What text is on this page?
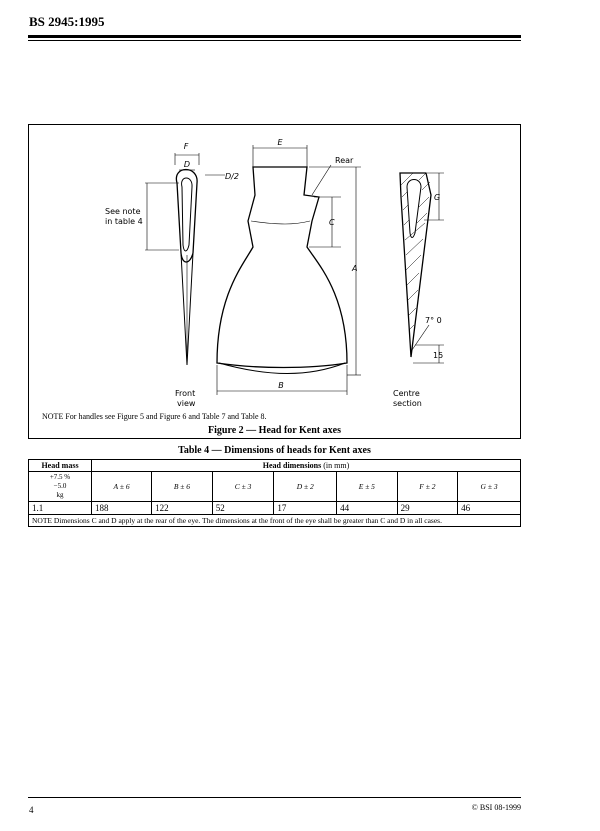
BS 2945:1995
F
D
D/2
See note
in table 4
E
Rear
C
A
B
G
7° 0
15
Front
view
Centre
section
NOTE For handles see Figure 5 and Figure 6 and Table 7 and Table 8.
Figure 2 — Head for Kent axes
Table 4 — Dimensions of heads for Kent axes
Head mass	Head dimensions (in mm)						

+7.5 %
−5.0
kg	A ± 6	B ± 6	C ± 3	D ± 2	E ± 5	F ± 2	G ± 3
1.1	188	122	52	17	44	29	46
NOTE Dimensions C and D apply at the rear of the eye. The dimensions at the front of the eye shall be greater than C and D in all cases.							
4	© BSI 08-1999
